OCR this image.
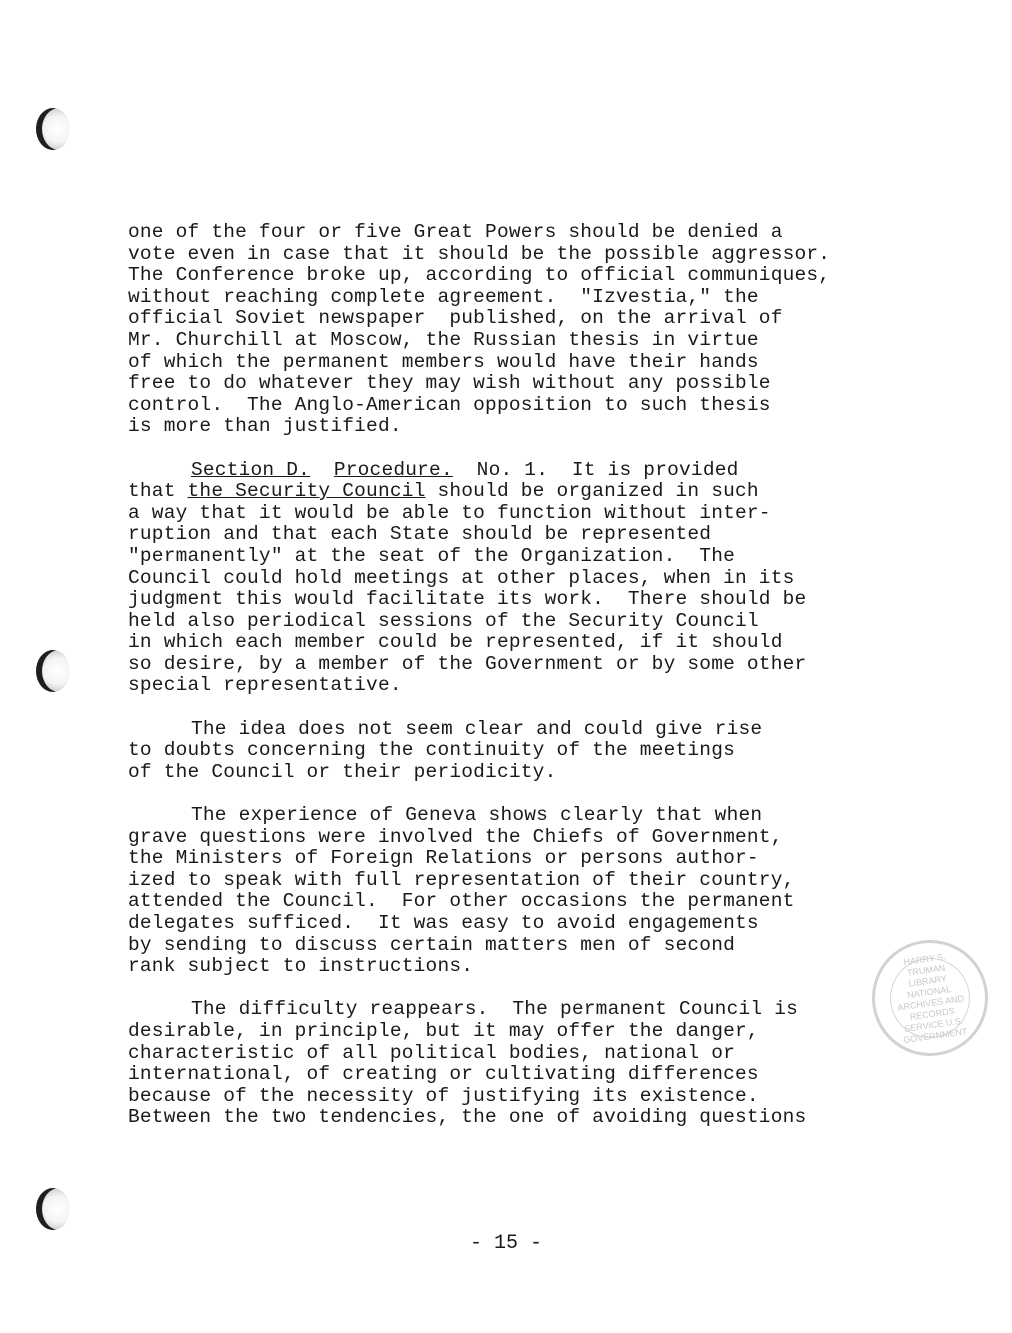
one of the four or five Great Powers should be denied a
vote even in case that it should be the possible aggressor.
The Conference broke up, according to official communiques,
without reaching complete agreement.  "Izvestia," the
official Soviet newspaper  published, on the arrival of
Mr. Churchill at Moscow, the Russian thesis in virtue
of which the permanent members would have their hands
free to do whatever they may wish without any possible
control.  The Anglo-American opposition to such thesis
is more than justified.
Section D. Procedure.  No. 1.  It is provided
that the Security Council should be organized in such
a way that it would be able to function without inter-
ruption and that each State should be represented
"permanently" at the seat of the Organization.  The
Council could hold meetings at other places, when in its
judgment this would facilitate its work.  There should be
held also periodical sessions of the Security Council
in which each member could be represented, if it should
so desire, by a member of the Government or by some other
special representative.
The idea does not seem clear and could give rise
to doubts concerning the continuity of the meetings
of the Council or their periodicity.
The experience of Geneva shows clearly that when
grave questions were involved the Chiefs of Government,
the Ministers of Foreign Relations or persons author-
ized to speak with full representation of their country,
attended the Council.  For other occasions the permanent
delegates sufficed.  It was easy to avoid engagements
by sending to discuss certain matters men of second
rank subject to instructions.
The difficulty reappears.  The permanent Council is
desirable, in principle, but it may offer the danger,
characteristic of all political bodies, national or
international, of creating or cultivating differences
because of the necessity of justifying its existence.
Between the two tendencies, the one of avoiding questions
HARRY S. TRUMAN LIBRARY NATIONAL ARCHIVES AND RECORDS SERVICE U.S. GOVERNMENT
- 15 -
